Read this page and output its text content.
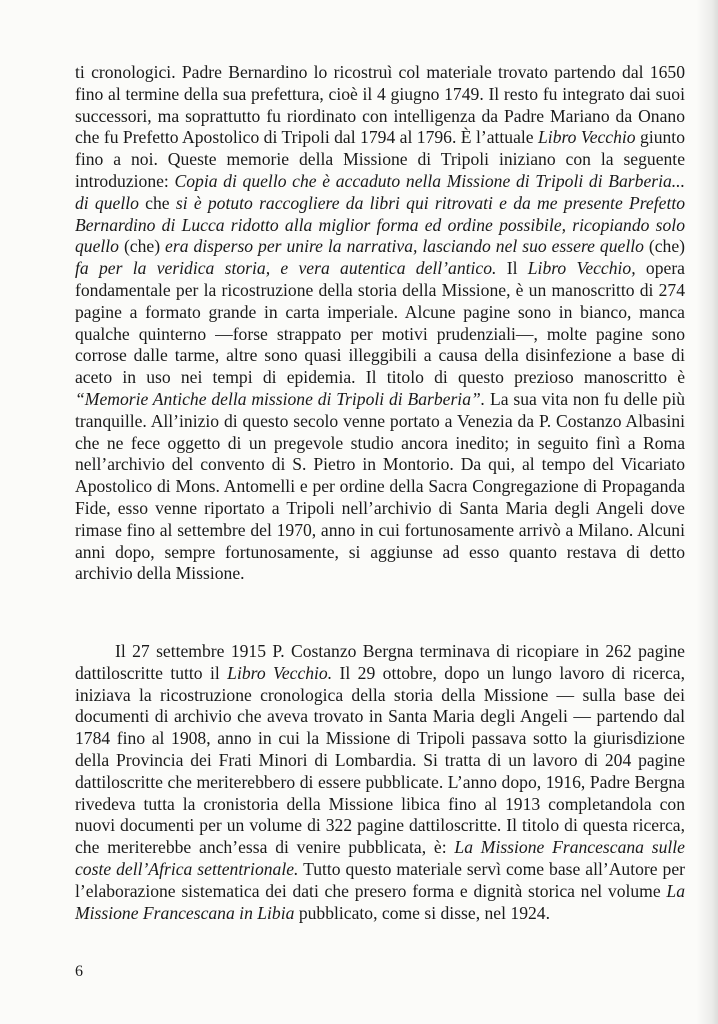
ti cronologici. Padre Bernardino lo ricostruì col materiale trovato partendo dal 1650 fino al termine della sua prefettura, cioè il 4 giugno 1749. Il resto fu integrato dai suoi successori, ma soprattutto fu riordinato con intelligenza da Padre Mariano da Onano che fu Prefetto Apostolico di Tripoli dal 1794 al 1796. È l’attuale Libro Vecchio giunto fino a noi. Queste memorie della Missione di Tripoli iniziano con la seguente introduzione: Copia di quello che è accaduto nella Missione di Tripoli di Barberia... di quello che si è potuto raccogliere da libri qui ritrovati e da me presente Prefetto Bernardino di Lucca ridotto alla miglior forma ed ordine possibile, ricopiando solo quello (che) era disperso per unire la narrativa, lasciando nel suo essere quello (che) fa per la veridica storia, e vera autentica dell’antico. Il Libro Vecchio, opera fondamentale per la ricostruzione della storia della Missione, è un manoscritto di 274 pagine a formato grande in carta imperiale. Alcune pagine sono in bianco, manca qualche quinterno —forse strappato per motivi prudenziali—, molte pagine sono corrose dalle tarme, altre sono quasi illeggibili a causa della disinfezione a base di aceto in uso nei tempi di epidemia. Il titolo di questo prezioso manoscritto è “Memorie Antiche della missione di Tripoli di Barberia”. La sua vita non fu delle più tranquille. All’inizio di questo secolo venne portato a Venezia da P. Costanzo Albasini che ne fece oggetto di un pregevole studio ancora inedito; in seguito finì a Roma nell’archivio del convento di S. Pietro in Montorio. Da qui, al tempo del Vicariato Apostolico di Mons. Antomelli e per ordine della Sacra Congregazione di Propaganda Fide, esso venne riportato a Tripoli nell’archivio di Santa Maria degli Angeli dove rimase fino al settembre del 1970, anno in cui fortunosamente arrivò a Milano. Alcuni anni dopo, sempre fortunosamente, si aggiunse ad esso quanto restava di detto archivio della Missione.
Il 27 settembre 1915 P. Costanzo Bergna terminava di ricopiare in 262 pagine dattiloscritte tutto il Libro Vecchio. Il 29 ottobre, dopo un lungo lavoro di ricerca, iniziava la ricostruzione cronologica della storia della Missione — sulla base dei documenti di archivio che aveva trovato in Santa Maria degli Angeli — partendo dal 1784 fino al 1908, anno in cui la Missione di Tripoli passava sotto la giurisdizione della Provincia dei Frati Minori di Lombardia. Si tratta di un lavoro di 204 pagine dattiloscritte che meriterebbero di essere pubblicate. L’anno dopo, 1916, Padre Bergna rivedeva tutta la cronistoria della Missione libica fino al 1913 completandola con nuovi documenti per un volume di 322 pagine dattiloscritte. Il titolo di questa ricerca, che meriterebbe anch’essa di venire pubblicata, è: La Missione Francescana sulle coste dell’Africa settentrionale. Tutto questo materiale servì come base all’Autore per l’elaborazione sistematica dei dati che presero forma e dignità storica nel volume La Missione Francescana in Libia pubblicato, come si disse, nel 1924.
6
